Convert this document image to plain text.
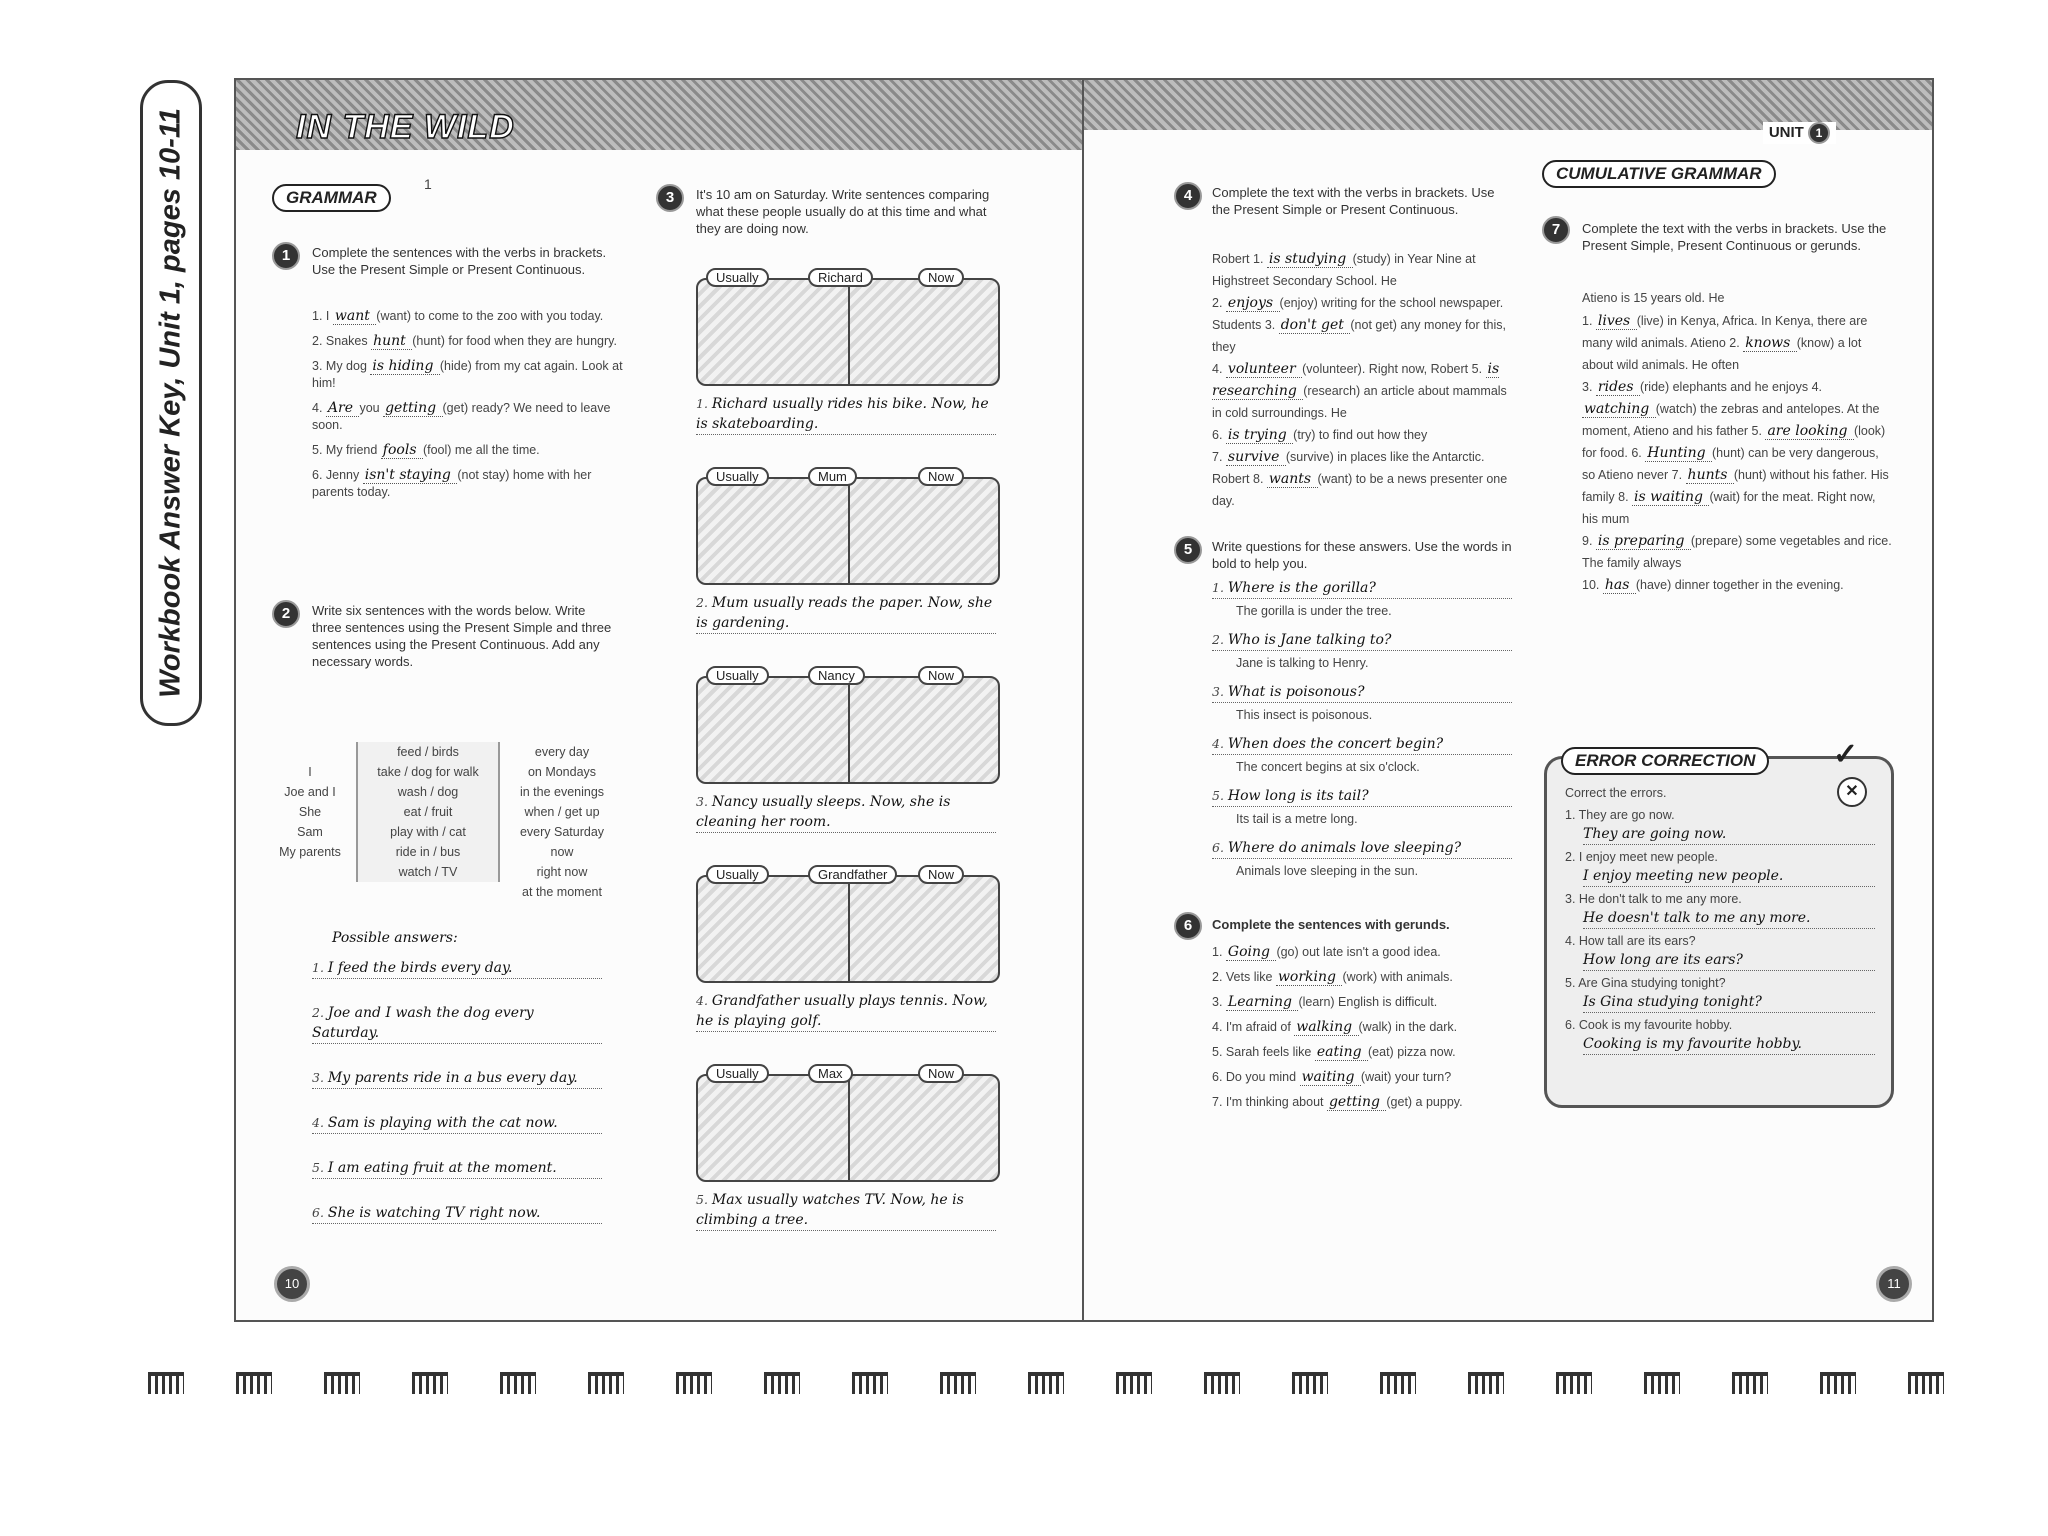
Workbook Answer Key, Unit 1, pages 10-11	IN THE WILD
GRAMMAR
1
1	Complete the sentences with the verbs in brackets. Use the Present Simple or Present Continuous.
1. I want (want) to come to the zoo with you today.
2. Snakes hunt (hunt) for food when they are hungry.
3. My dog is hiding (hide) from my cat again. Look at him!
4. Are you getting (get) ready? We need to leave soon.
5. My friend fools (fool) me all the time.
6. Jenny isn't staying (not stay) home with her parents today.
2	Write six sentences with the words below. Write three sentences using the Present Simple and three sentences using the Present Continuous. Add any necessary words.
I
Joe and I
She
Sam
My parents
feed / birds
take / dog for walk
wash / dog
eat / fruit
play with / cat
ride in / bus
watch / TV
every day
on Mondays
in the evenings
when / get up
every Saturday
now
right now
at the moment
Possible answers:
1. I feed the birds every day.
2. Joe and I wash the dog every Saturday.
3. My parents ride in a bus every day.
4. Sam is playing with the cat now.
5. I am eating fruit at the moment.
6. She is watching TV right now.
3	It's 10 am on Saturday. Write sentences comparing what these people usually do at this time and what they are doing now.
Usually	Richard	Now
1. Richard usually rides his bike. Now, he is skateboarding.
Usually	Mum	Now
2. Mum usually reads the paper. Now, she is gardening.
Usually	Nancy	Now
3. Nancy usually sleeps. Now, she is cleaning her room.
Usually	Grandfather	Now
4. Grandfather usually plays tennis. Now, he is playing golf.
Usually	Max	Now
5. Max usually watches TV. Now, he is climbing a tree.
10
UNIT 1
4	Complete the text with the verbs in brackets. Use the Present Simple or Present Continuous.
Robert 1. is studying (study) in Year Nine at Highstreet Secondary School. He
2. enjoys (enjoy) writing for the school newspaper. Students 3. don't get (not get) any money for this, they
4. volunteer (volunteer). Right now, Robert 5. is researching (research) an article about mammals in cold surroundings. He
6. is trying (try) to find out how they
7. survive (survive) in places like the Antarctic. Robert 8. wants (want) to be a news presenter one day.
5	Write questions for these answers. Use the words in bold to help you.
1. Where is the gorilla?
The gorilla is under the tree.
2. Who is Jane talking to?
Jane is talking to Henry.
3. What is poisonous?
This insect is poisonous.
4. When does the concert begin?
The concert begins at six o'clock.
5. How long is its tail?
Its tail is a metre long.
6. Where do animals love sleeping?
Animals love sleeping in the sun.
6	Complete the sentences with gerunds.
1. Going (go) out late isn't a good idea.
2. Vets like working (work) with animals.
3. Learning (learn) English is difficult.
4. I'm afraid of walking (walk) in the dark.
5. Sarah feels like eating (eat) pizza now.
6. Do you mind waiting (wait) your turn?
7. I'm thinking about getting (get) a puppy.
CUMULATIVE GRAMMAR
7	Complete the text with the verbs in brackets. Use the Present Simple, Present Continuous or gerunds.
Atieno is 15 years old. He
1. lives (live) in Kenya, Africa. In Kenya, there are many wild animals. Atieno 2. knows (know) a lot about wild animals. He often
3. rides (ride) elephants and he enjoys 4. watching (watch) the zebras and antelopes. At the moment, Atieno and his father 5. are looking (look) for food. 6. Hunting (hunt) can be very dangerous, so Atieno never 7. hunts (hunt) without his father. His family 8. is waiting (wait) for the meat. Right now, his mum
9. is preparing (prepare) some vegetables and rice. The family always
10. has (have) dinner together in the evening.
ERROR CORRECTION	✓
✕
Correct the errors.
1. They are go now.
They are going now.
2. I enjoy meet new people.
I enjoy meeting new people.
3. He don't talk to me any more.
He doesn't talk to me any more.
4. How tall are its ears?
How long are its ears?
5. Are Gina studying tonight?
Is Gina studying tonight?
6. Cook is my favourite hobby.
Cooking is my favourite hobby.
11
